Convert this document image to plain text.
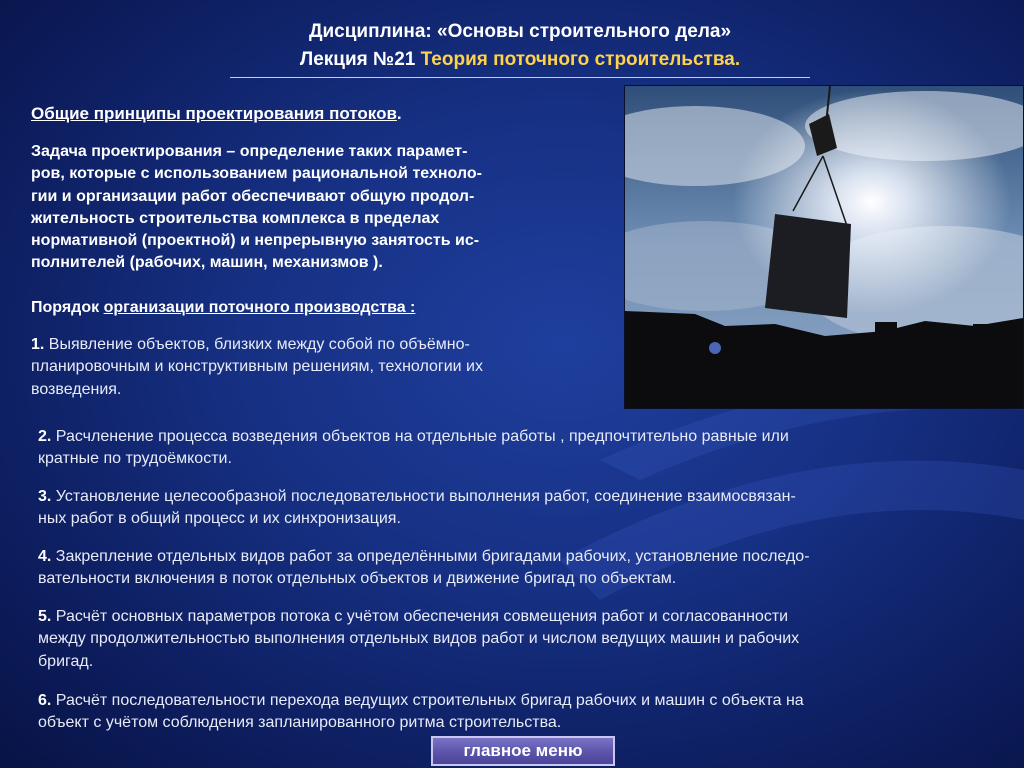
Дисциплина: «Основы строительного дела»
Лекция №21 Теория поточного строительства.
Общие принципы проектирования потоков.

Задача проектирования – определение таких парамет-

ров, которые с использованием рациональной техноло-

гии и организации работ обеспечивают общую продол-

жительность строительства комплекса в пределах

нормативной (проектной) и непрерывную занятость ис-

полнителей (рабочих, машин, механизмов ).

Порядок организации поточного производства :
1. Выявление объектов, близких между собой по объёмно-
планировочным и конструктивным решениям, технологии их
возведения.
2. Расчленение процесса возведения объектов на отдельные работы , предпочтительно равные или
кратные по трудоёмкости.
3. Установление целесообразной последовательности выполнения работ, соединение взаимосвязан-
ных работ в общий процесс и их синхронизация.
4. Закрепление отдельных видов работ за определёнными бригадами рабочих, установление последо-
вательности включения в поток отдельных объектов и движение бригад по объектам.
5. Расчёт основных параметров потока с учётом обеспечения совмещения работ и согласованности
между продолжительностью выполнения отдельных видов работ и числом ведущих машин и рабочих
бригад.
6. Расчёт последовательности перехода ведущих строительных бригад рабочих и машин с объекта на
объект с учётом соблюдения запланированного ритма строительства.
главное меню
